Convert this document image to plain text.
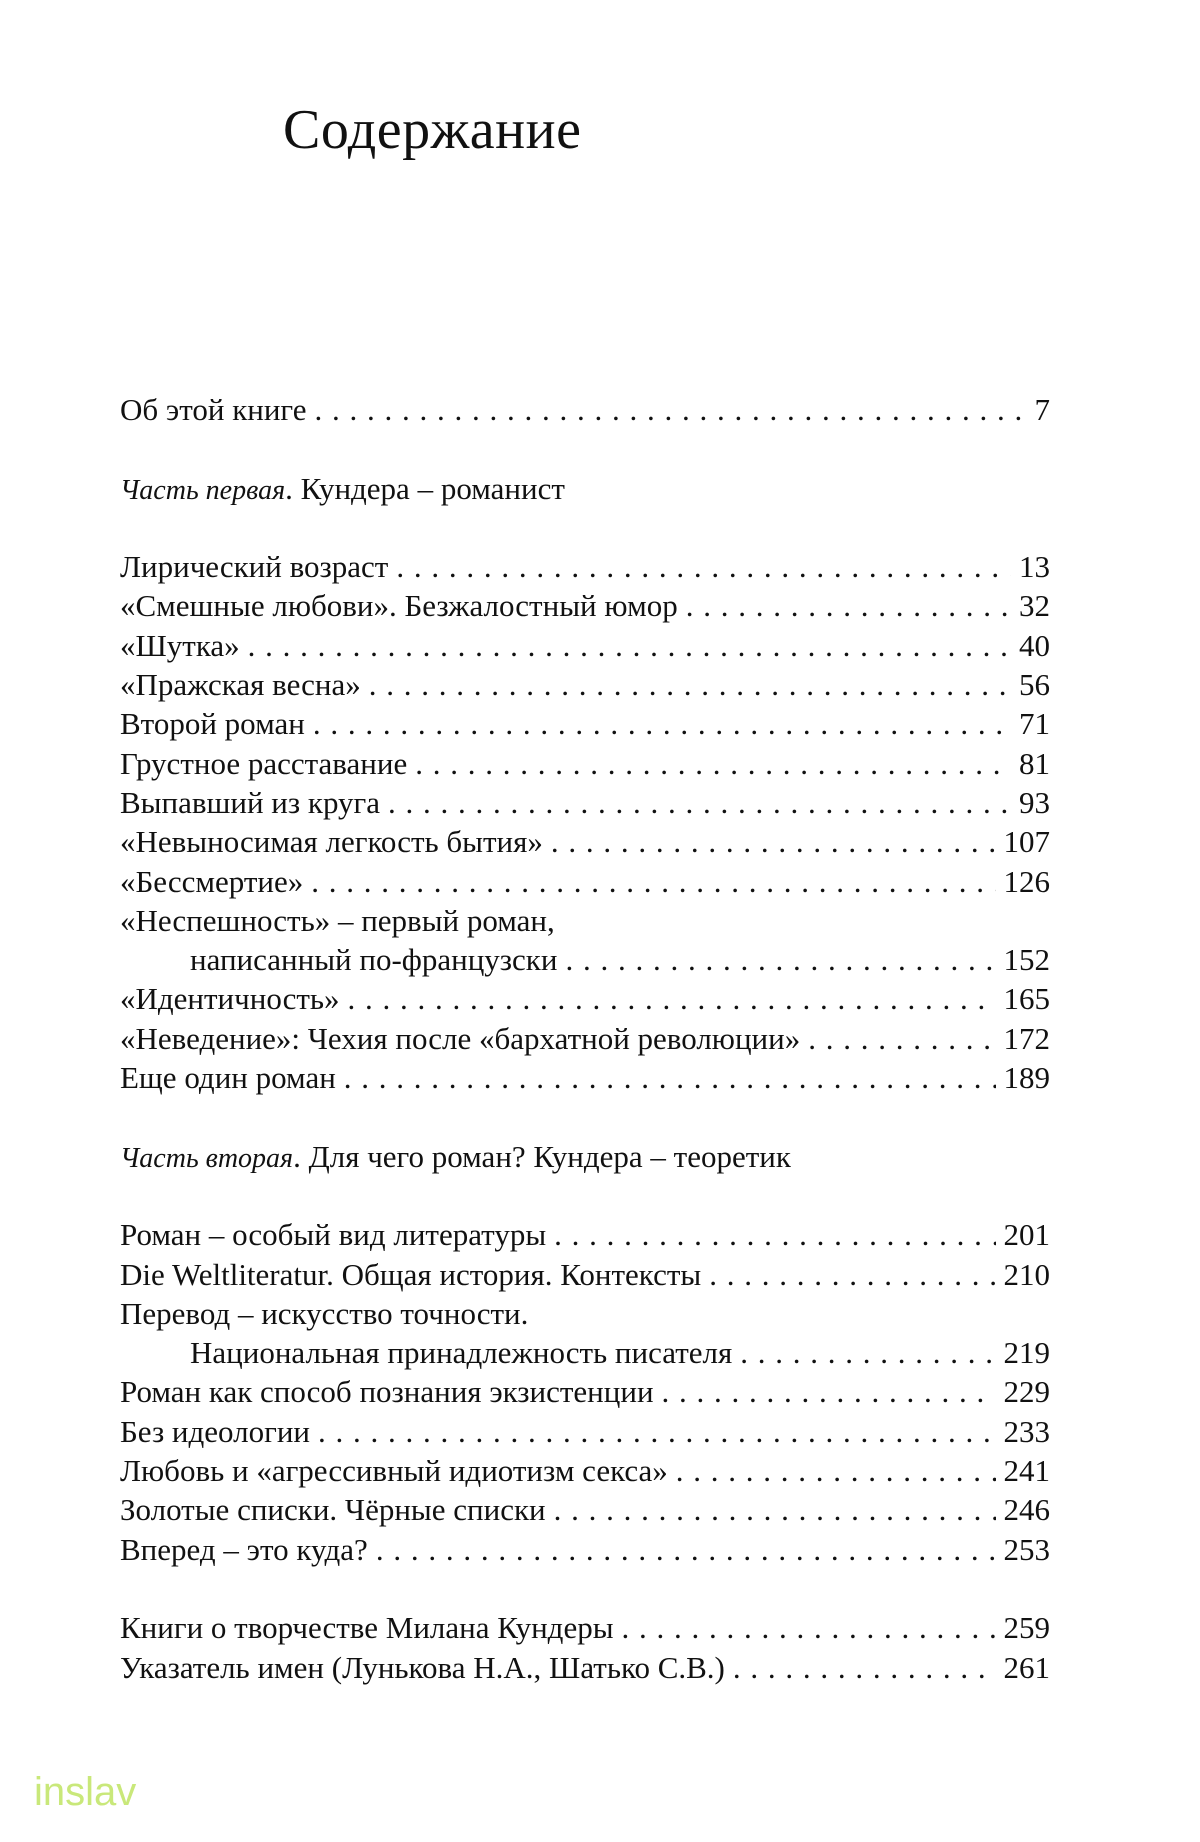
Содержание
Об этой книге . . .	7
Часть первая. Кундера – романист
Лирический возраст . . .	13
«Смешные любови». Безжалостный юмор . . .	32
«Шутка» . . .	40
«Пражская весна» . . .	56
Второй роман . . .	71
Грустное расставание . . .	81
Выпавший из круга . . .	93
«Невыносимая легкость бытия» . . .	107
«Бессмертие» . . .	126
«Неспешность» – первый роман,
написанный по-французски . . .	152
«Идентичность» . . .	165
«Неведение»: Чехия после «бархатной революции» . . .	172
Еще один роман . . .	189
Часть вторая. Для чего роман? Кундера – теоретик
Роман – особый вид литературы . . .	201
Die Weltliteratur. Общая история. Контексты . . .	210
Перевод – искусство точности.
Национальная принадлежность писателя . . .	219
Роман как способ познания экзистенции . . .	229
Без идеологии . . .	233
Любовь и «агрессивный идиотизм секса» . . .	241
Золотые списки. Чёрные списки . . .	246
Вперед – это куда? . . .	253
Книги о творчестве Милана Кундеры . . .	259
Указатель имен (Лунькова Н.А., Шатько С.В.) . . .	261
inslav
